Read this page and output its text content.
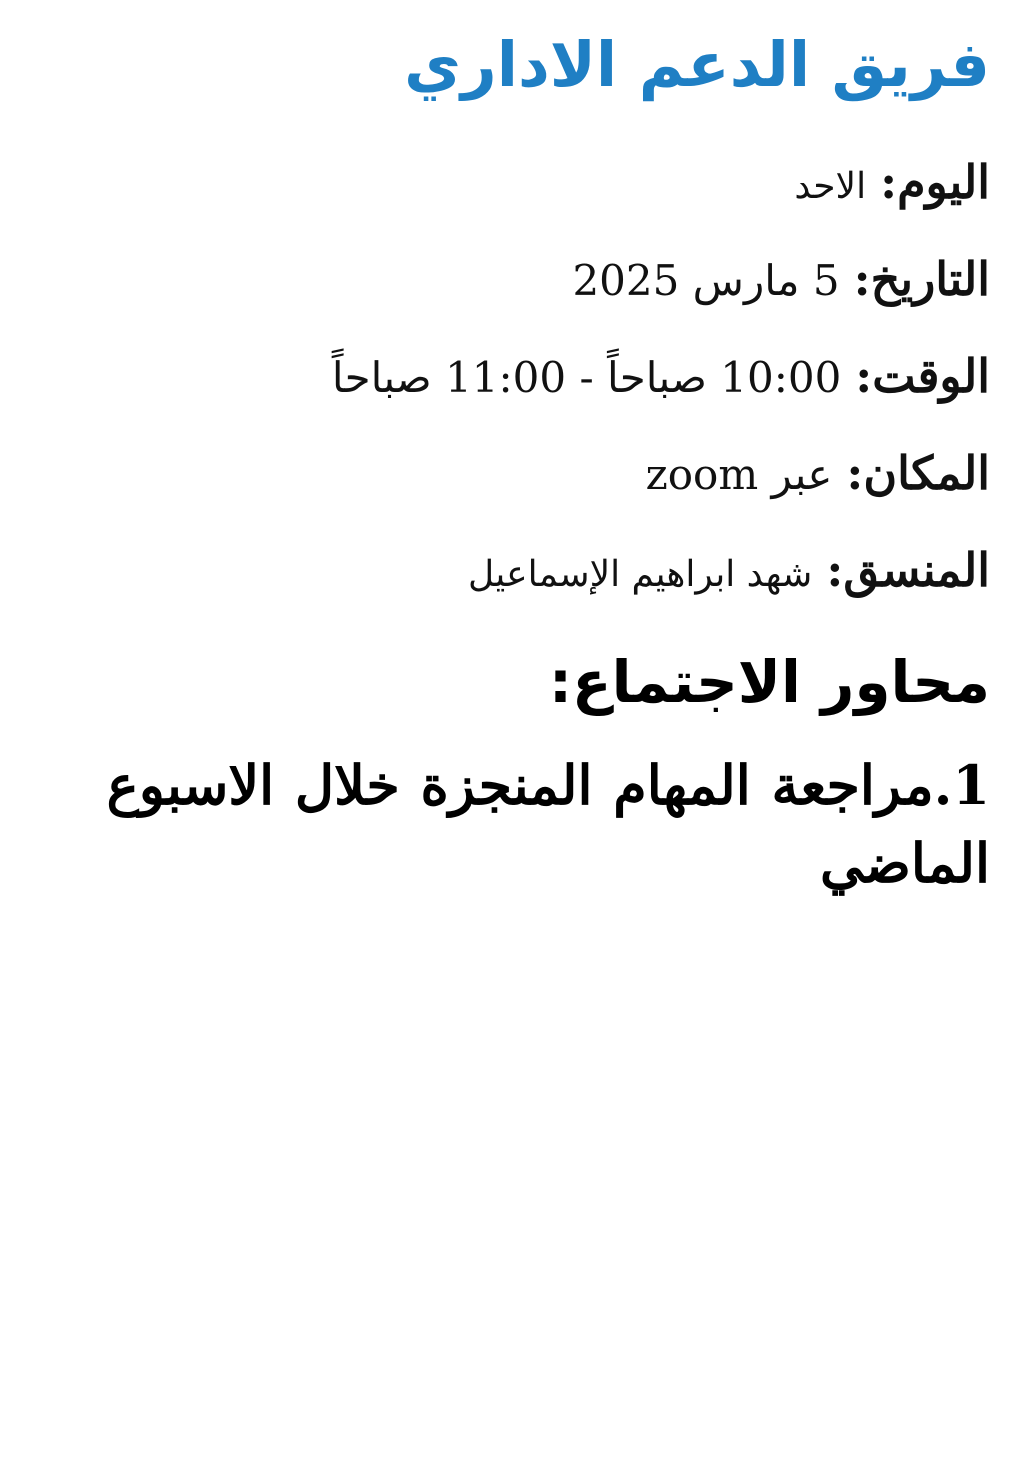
فريق الدعم الاداري

اليوم: الاحد

التاريخ: 5 مارس 2025

الوقت: 10:00 صباحاً - 11:00 صباحاً

المكان: عبر zoom

المنسق: شهد ابراهيم الإسماعيل

محاور الاجتماع:
1.مراجعة المهام المنجزة خلال الاسبوع الماضي
